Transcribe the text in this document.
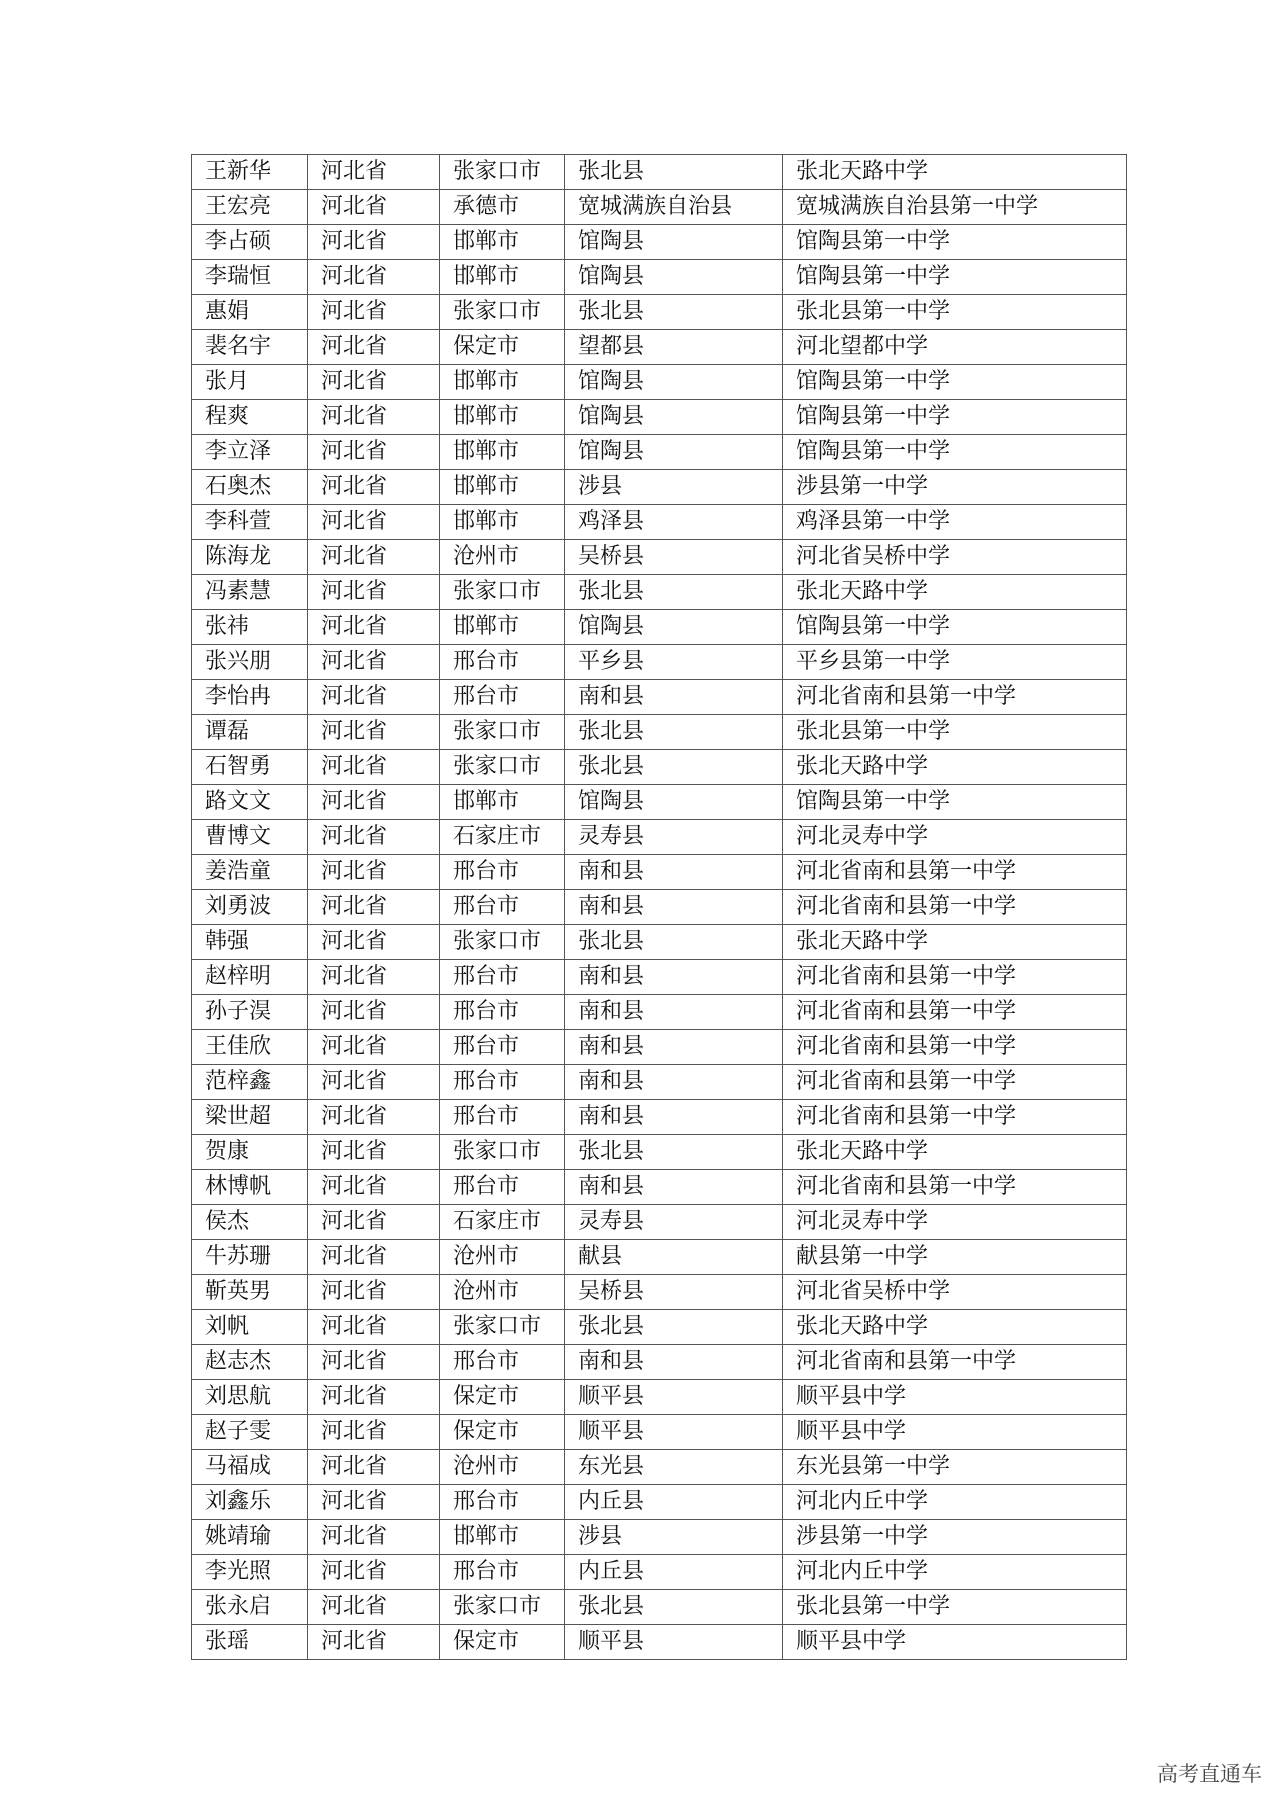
王新华	河北省	张家口市	张北县	张北天路中学
王宏亮	河北省	承德市	宽城满族自治县	宽城满族自治县第一中学
李占硕	河北省	邯郸市	馆陶县	馆陶县第一中学
李瑞恒	河北省	邯郸市	馆陶县	馆陶县第一中学
惠娟	河北省	张家口市	张北县	张北县第一中学
裴名宇	河北省	保定市	望都县	河北望都中学
张月	河北省	邯郸市	馆陶县	馆陶县第一中学
程爽	河北省	邯郸市	馆陶县	馆陶县第一中学
李立泽	河北省	邯郸市	馆陶县	馆陶县第一中学
石奥杰	河北省	邯郸市	涉县	涉县第一中学
李科萱	河北省	邯郸市	鸡泽县	鸡泽县第一中学
陈海龙	河北省	沧州市	吴桥县	河北省吴桥中学
冯素慧	河北省	张家口市	张北县	张北天路中学
张祎	河北省	邯郸市	馆陶县	馆陶县第一中学
张兴朋	河北省	邢台市	平乡县	平乡县第一中学
李怡冉	河北省	邢台市	南和县	河北省南和县第一中学
谭磊	河北省	张家口市	张北县	张北县第一中学
石智勇	河北省	张家口市	张北县	张北天路中学
路文文	河北省	邯郸市	馆陶县	馆陶县第一中学
曹博文	河北省	石家庄市	灵寿县	河北灵寿中学
姜浩童	河北省	邢台市	南和县	河北省南和县第一中学
刘勇波	河北省	邢台市	南和县	河北省南和县第一中学
韩强	河北省	张家口市	张北县	张北天路中学
赵梓明	河北省	邢台市	南和县	河北省南和县第一中学
孙子淏	河北省	邢台市	南和县	河北省南和县第一中学
王佳欣	河北省	邢台市	南和县	河北省南和县第一中学
范梓鑫	河北省	邢台市	南和县	河北省南和县第一中学
梁世超	河北省	邢台市	南和县	河北省南和县第一中学
贺康	河北省	张家口市	张北县	张北天路中学
林博帆	河北省	邢台市	南和县	河北省南和县第一中学
侯杰	河北省	石家庄市	灵寿县	河北灵寿中学
牛苏珊	河北省	沧州市	献县	献县第一中学
靳英男	河北省	沧州市	吴桥县	河北省吴桥中学
刘帆	河北省	张家口市	张北县	张北天路中学
赵志杰	河北省	邢台市	南和县	河北省南和县第一中学
刘思航	河北省	保定市	顺平县	顺平县中学
赵子雯	河北省	保定市	顺平县	顺平县中学
马福成	河北省	沧州市	东光县	东光县第一中学
刘鑫乐	河北省	邢台市	内丘县	河北内丘中学
姚靖瑜	河北省	邯郸市	涉县	涉县第一中学
李光照	河北省	邢台市	内丘县	河北内丘中学
张永启	河北省	张家口市	张北县	张北县第一中学
张瑶	河北省	保定市	顺平县	顺平县中学
高考直通车
